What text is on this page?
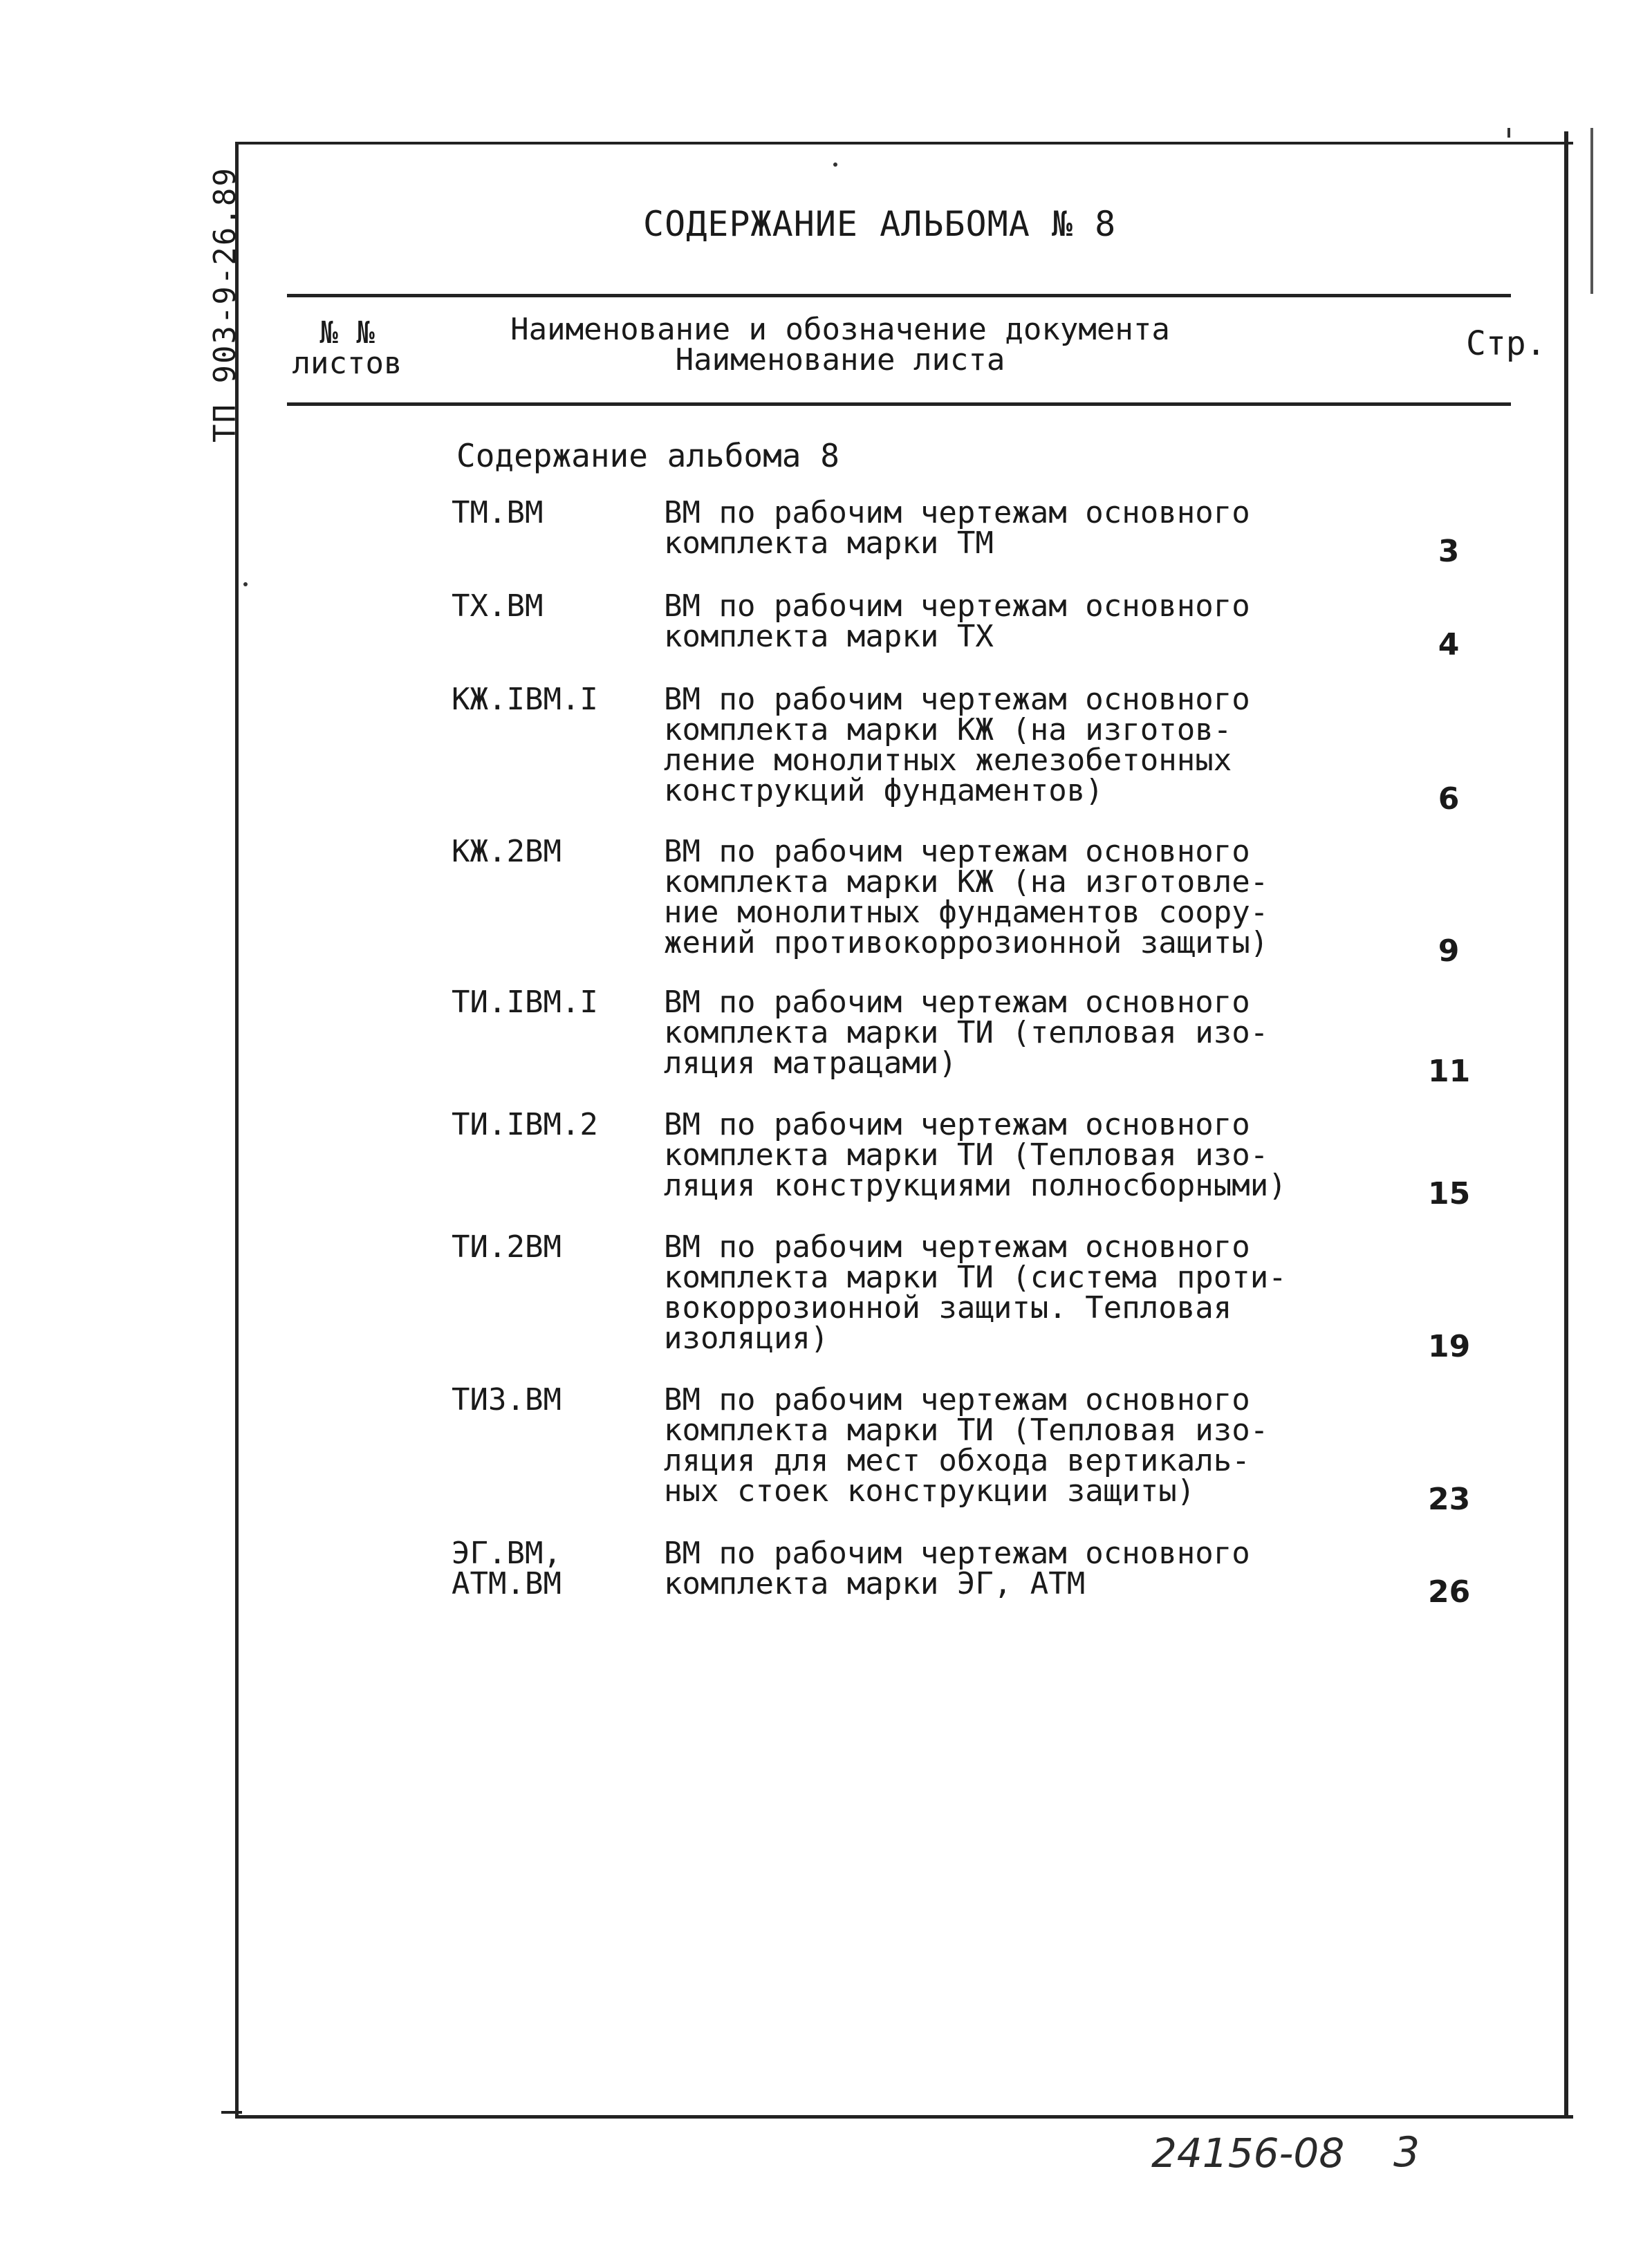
ТП 903-9-26.89	СОДЕРЖАНИЕ АЛЬБОМА № 8
№ №
листов
Наименование и обозначение документа
Наименование листа	Стр.
Содержание альбома 8
ТМ.ВМ	ВМ по рабочим чертежам основного
комплекта марки ТМ	3
ТХ.ВМ	ВМ по рабочим чертежам основного
комплекта марки ТХ	4
КЖ.IВМ.I ВМ по рабочим чертежам основного
комплекта марки КЖ (на изготов-
ление монолитных железобетонных
конструкций фундаментов)	6
КЖ.2ВМ	ВМ по рабочим чертежам основного
комплекта марки КЖ (на изготовле-
ние монолитных фундаментов соору-
жений противокоррозионной защиты)	9
ТИ.IВМ.I ВМ по рабочим чертежам основного
комплекта марки ТИ (тепловая изо-
ляция матрацами)	11
ТИ.IВМ.2 ВМ по рабочим чертежам основного
комплекта марки ТИ (Тепловая изо-
ляция конструкциями полносборными)	15
ТИ.2ВМ	ВМ по рабочим чертежам основного
комплекта марки ТИ (система проти-
вокоррозионной защиты. Тепловая
изоляция)	19
ТИЗ.ВМ	ВМ по рабочим чертежам основного
комплекта марки ТИ (Тепловая изо-
ляция для мест обхода вертикаль-
ных стоек конструкции защиты)	23
ЭГ.ВМ,
АТМ.ВМ
ВМ по рабочим чертежам основного
комплекта марки ЭГ, АТМ	26
24156-08 3
